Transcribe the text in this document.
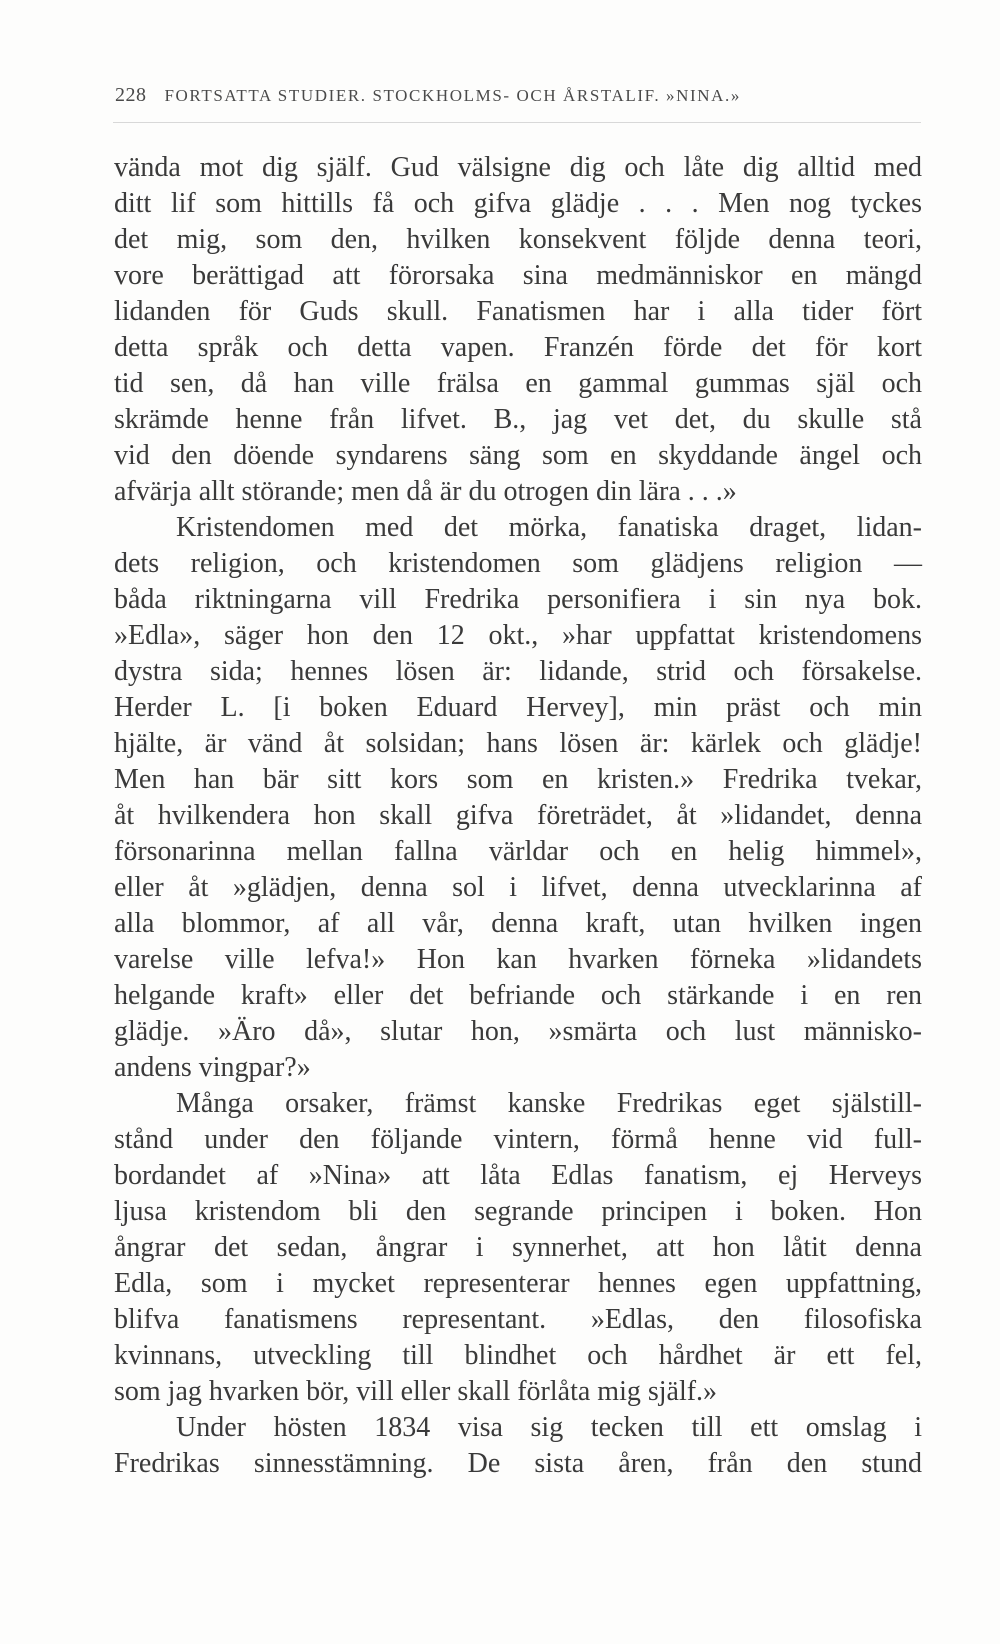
228 FORTSATTA STUDIER. STOCKHOLMS- OCH ÅRSTALIF. »NINA.»
vända mot dig själf. Gud välsigne dig och låte dig alltid med
ditt lif som hittills få och gifva glädje . . . Men nog tyckes
det mig, som den, hvilken konsekvent följde denna teori,
vore berättigad att förorsaka sina medmänniskor en mängd
lidanden för Guds skull. Fanatismen har i alla tider fört
detta språk och detta vapen. Franzén förde det för kort
tid sen, då han ville frälsa en gammal gummas själ och
skrämde henne från lifvet. B., jag vet det, du skulle stå
vid den döende syndarens säng som en skyddande ängel och
afvärja allt störande; men då är du otrogen din lära . . .»
Kristendomen med det mörka, fanatiska draget, lidan-
dets religion, och kristendomen som glädjens religion —
båda riktningarna vill Fredrika personifiera i sin nya bok.
»Edla», säger hon den 12 okt., »har uppfattat kristendomens
dystra sida; hennes lösen är: lidande, strid och försakelse.
Herder L. [i boken Eduard Hervey], min präst och min
hjälte, är vänd åt solsidan; hans lösen är: kärlek och glädje!
Men han bär sitt kors som en kristen.» Fredrika tvekar,
åt hvilkendera hon skall gifva företrädet, åt »lidandet, denna
försonarinna mellan fallna världar och en helig himmel»,
eller åt »glädjen, denna sol i lifvet, denna utvecklarinna af
alla blommor, af all vår, denna kraft, utan hvilken ingen
varelse ville lefva!» Hon kan hvarken förneka »lidandets
helgande kraft» eller det befriande och stärkande i en ren
glädje. »Äro då», slutar hon, »smärta och lust människo-
andens vingpar?»
Många orsaker, främst kanske Fredrikas eget själstill-
stånd under den följande vintern, förmå henne vid full-
bordandet af »Nina» att låta Edlas fanatism, ej Herveys
ljusa kristendom bli den segrande principen i boken. Hon
ångrar det sedan, ångrar i synnerhet, att hon låtit denna
Edla, som i mycket representerar hennes egen uppfattning,
blifva fanatismens representant. »Edlas, den filosofiska
kvinnans, utveckling till blindhet och hårdhet är ett fel,
som jag hvarken bör, vill eller skall förlåta mig själf.»
Under hösten 1834 visa sig tecken till ett omslag i
Fredrikas sinnesstämning. De sista åren, från den stund
